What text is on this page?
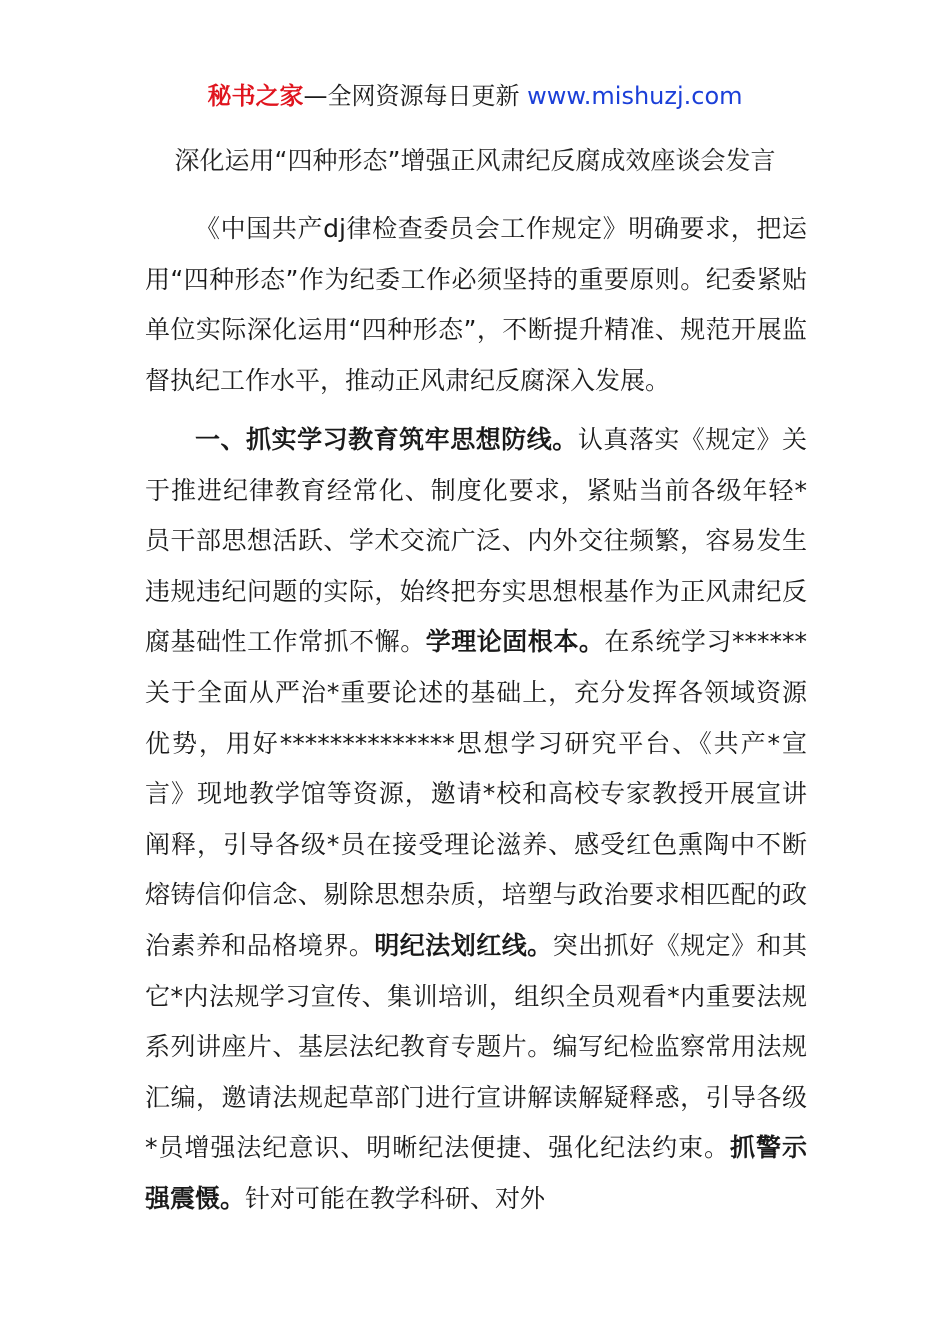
秘书之家—全网资源每日更新 www.mishuzj.com
深化运用“四种形态”增强正风肃纪反腐成效座谈会发言

《中国共产dj律检查委员会工作规定》明确要求，把运用“四种形态”作为纪委工作必须坚持的重要原则。纪委紧贴单位实际深化运用“四种形态”，不断提升精准、规范开展监督执纪工作水平，推动正风肃纪反腐深入发展。

一、抓实学习教育筑牢思想防线。认真落实《规定》关于推进纪律教育经常化、制度化要求，紧贴当前各级年轻*员干部思想活跃、学术交流广泛、内外交往频繁，容易发生违规违纪问题的实际，始终把夯实思想根基作为正风肃纪反腐基础性工作常抓不懈。学理论固根本。在系统学习******关于全面从严治*重要论述的基础上，充分发挥各领域资源优势，用好**************思想学习研究平台、《共产*宣言》现地教学馆等资源，邀请*校和高校专家教授开展宣讲阐释，引导各级*员在接受理论滋养、感受红色熏陶中不断熔铸信仰信念、剔除思想杂质，培塑与政治要求相匹配的政治素养和品格境界。明纪法划红线。突出抓好《规定》和其它*内法规学习宣传、集训培训，组织全员观看*内重要法规系列讲座片、基层法纪教育专题片。编写纪检监察常用法规汇编，邀请法规起草部门进行宣讲解读解疑释惑，引导各级*员增强法纪意识、明晰纪法便捷、强化纪法约束。抓警示强震慑。针对可能在教学科研、对外
